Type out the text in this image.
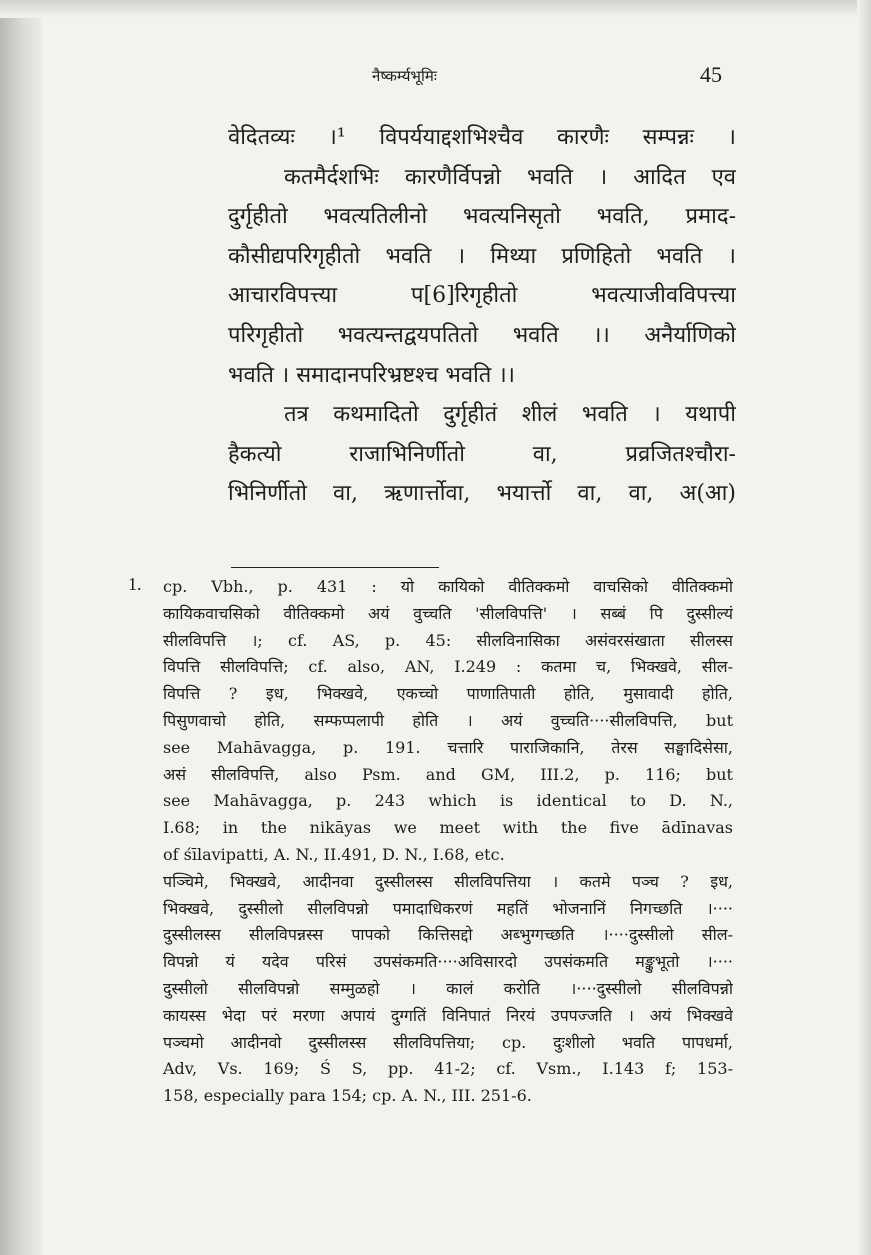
नैष्कर्म्यभूमिः	45
वेदितव्यः ।¹ विपर्ययाद्दशभिश्चैव कारणैः सम्पन्नः ।
कतमैर्दशभिः कारणैर्विपन्नो भवति । आदित एव
दुर्गृहीतो भवत्यतिलीनो भवत्यनिसृतो भवति, प्रमाद-
कौसीद्यपरिगृहीतो भवति । मिथ्या प्रणिहितो भवति ।
आचारविपत्त्या प[6]रिगृहीतो भवत्याजीवविपत्त्या
परिगृहीतो भवत्यन्तद्वयपतितो भवति ।। अनैर्याणिको
भवति । समादानपरिभ्रष्टश्च भवति ।।
तत्र कथमादितो दुर्गृहीतं शीलं भवति । यथापी
हैकत्यो राजाभिनिर्णीतो वा, प्रव्रजितश्चौरा-
भिनिर्णीतो वा, ऋणार्त्तोवा, भयार्त्तो वा, वा, अ(आ)
1. cp. Vbh., p. 431 : यो कायिको वीतिक्कमो वाचसिको वीतिक्कमो
कायिकवाचसिको वीतिक्कमो अयं वुच्चति 'सीलविपत्ति' । सब्बं पि दुस्सील्यं
सीलविपत्ति ।; cf. AS, p. 45: सीलविनासिका असंवरसंखाता सीलस्स
विपत्ति सीलविपत्ति; cf. also, AN, I.249 : कतमा च, भिक्खवे, सील-
विपत्ति ? इध, भिक्खवे, एकच्चो पाणातिपाती होति, मुसावादी होति,
पिसुणवाचो होति, सम्फप्पलापी होति । अयं वुच्चति····सीलविपत्ति, but
see Mahāvagga, p. 191. चत्तारि पाराजिकानि, तेरस सङ्घादिसेसा,
असं सीलविपत्ति, also Psm. and GM, III.2, p. 116; but
see Mahāvagga, p. 243 which is identical to D. N.,
I.68; in the nikāyas we meet with the five ādīnavas
of śīlavipatti, A. N., II.491, D. N., I.68, etc.
पञ्चिमे, भिक्खवे, आदीनवा दुस्सीलस्स सीलविपत्तिया । कतमे पञ्च ? इध,
भिक्खवे, दुस्सीलो सीलविपन्नो पमादाधिकरणं महतिं भोजनानिं निगच्छति ।····
दुस्सीलस्स सीलविपन्नस्स पापको कित्तिसद्दो अब्भुग्गच्छति ।····दुस्सीलो सील-
विपन्नो यं यदेव परिसं उपसंकमति····अविसारदो उपसंकमति मङ्कुभूतो ।····
दुस्सीलो सीलविपन्नो सम्मुळहो । कालं करोति ।····दुस्सीलो सीलविपन्नो
कायस्स भेदा परं मरणा अपायं दुग्गतिं विनिपातं निरयं उपपज्जति । अयं भिक्खवे
पञ्चमो आदीनवो दुस्सीलस्स सीलविपत्तिया; cp. दुःशीलो भवति पापधर्मा,
Adv, Vs. 169; Ś S, pp. 41-2; cf. Vsm., I.143 f; 153-
158, especially para 154; cp. A. N., III. 251-6.
